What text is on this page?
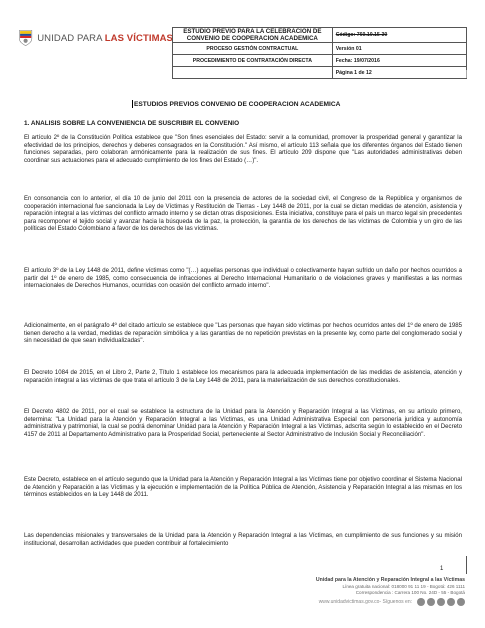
UNIDAD PARA LAS VÍCTIMAS
ESTUDIO PREVIO PARA LA CELEBRACION DE CONVENIO DE COOPERACION ACADEMICA	Código: 760.10.15-30
PROCESO GESTIÓN CONTRACTUAL	Versión 01
PROCEDIMIENTO DE CONTRATACIÓN DIRECTA	Fecha: 19/07/2016
	Página 1 de 12
ESTUDIOS PREVIOS CONVENIO DE COOPERACION ACADEMICA
1. ANALISIS SOBRE LA CONVENIENCIA DE SUSCRIBIR EL CONVENIO

El artículo 2º de la Constitución Política establece que "Son fines esenciales del Estado: servir a la comunidad, promover la prosperidad general y garantizar la efectividad de los principios, derechos y deberes consagrados en la Constitución." Así mismo, el artículo 113 señala que los diferentes órganos del Estado tienen funciones separadas, pero colaboran armónicamente para la realización de sus fines. El artículo 209 dispone que "Las autoridades administrativas deben coordinar sus actuaciones para el adecuado cumplimiento de los fines del Estado (…)".

En consonancia con lo anterior, el día 10 de junio del 2011 con la presencia de actores de la sociedad civil, el Congreso de la República y organismos de cooperación internacional fue sancionada la Ley de Víctimas y Restitución de Tierras - Ley 1448 de 2011, por la cual se dictan medidas de atención, asistencia y reparación integral a las víctimas del conflicto armado interno y se dictan otras disposiciones. Esta iniciativa, constituye para el país un marco legal sin precedentes para recomponer el tejido social y avanzar hacia la búsqueda de la paz, la protección, la garantía de los derechos de las víctimas de Colombia y un giro de las políticas del Estado Colombiano a favor de los derechos de las víctimas.

El artículo 3º de la Ley 1448 de 2011, define víctimas como "(…) aquellas personas que individual o colectivamente hayan sufrido un daño por hechos ocurridos a partir del 1º de enero de 1985, como consecuencia de infracciones al Derecho Internacional Humanitario o de violaciones graves y manifiestas a las normas internacionales de Derechos Humanos, ocurridas con ocasión del conflicto armado interno".

Adicionalmente, en el parágrafo 4º del citado artículo se establece que "Las personas que hayan sido víctimas por hechos ocurridos antes del 1º de enero de 1985 tienen derecho a la verdad, medidas de reparación simbólica y a las garantías de no repetición previstas en la presente ley, como parte del conglomerado social y sin necesidad de que sean individualizadas".

El Decreto 1084 de 2015, en el Libro 2, Parte 2, Título 1 establece los mecanismos para la adecuada implementación de las medidas de asistencia, atención y reparación integral a las víctimas de que trata el artículo 3 de la Ley 1448 de 2011, para la materialización de sus derechos constitucionales.

El Decreto 4802 de 2011, por el cual se establece la estructura de la Unidad para la Atención y Reparación Integral a las Víctimas, en su artículo primero, determina: "La Unidad para la Atención y Reparación Integral a las Víctimas, es una Unidad Administrativa Especial con personería jurídica y autonomía administrativa y patrimonial, la cual se podrá denominar Unidad para la Atención y Reparación Integral a las Víctimas, adscrita según lo establecido en el Decreto 4157 de 2011 al Departamento Administrativo para la Prosperidad Social, perteneciente al Sector Administrativo de Inclusión Social y Reconciliación".

Este Decreto, establece en el artículo segundo que la Unidad para la Atención y Reparación Integral a las Víctimas tiene por objetivo coordinar el Sistema Nacional de Atención y Reparación a las Víctimas y la ejecución e implementación de la Política Pública de Atención, Asistencia y Reparación Integral a las mismas en los términos establecidos en la Ley 1448 de 2011.

Las dependencias misionales y transversales de la Unidad para la Atención y Reparación Integral a las Víctimas, en cumplimiento de sus funciones y su misión institucional, desarrollan actividades que pueden contribuir al fortalecimiento

1
Unidad para la Atención y Reparación Integral a las Víctimas
Línea gratuita nacional: 018000 91 11 19 - Bogotá: 426 1111
Correspondencia : Carrera 100 No. 24D - 55 - Bogotá
www.unidadvictimas.gov.co - Síguenos en:
